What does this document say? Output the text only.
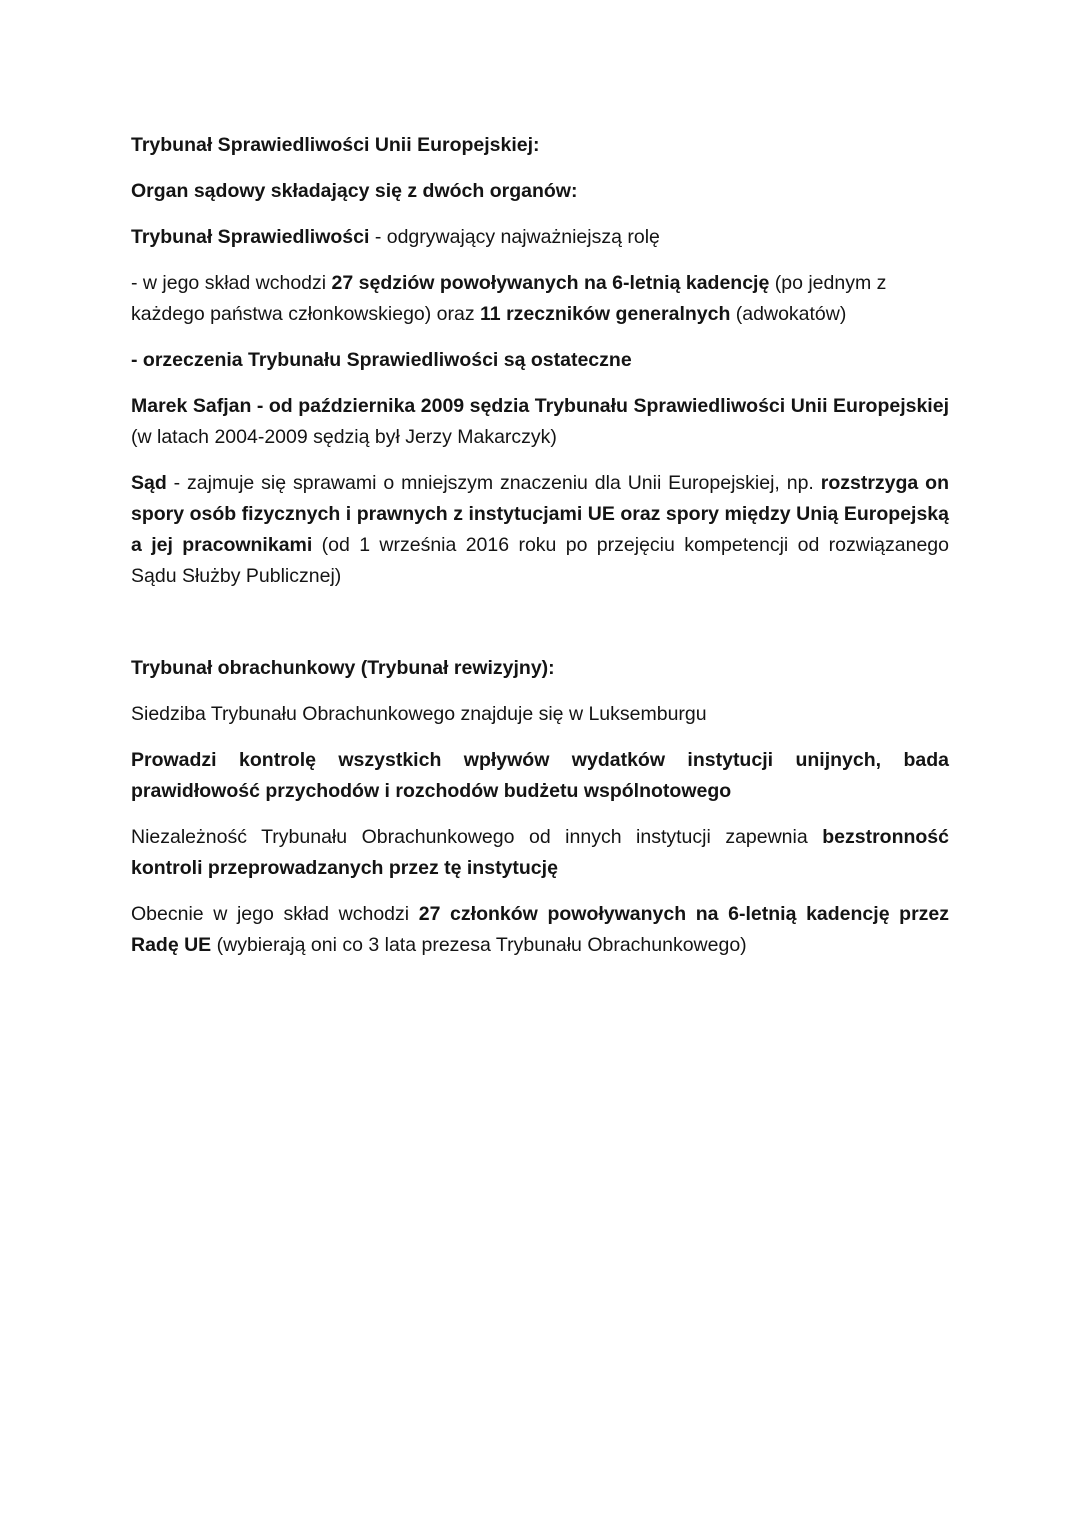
Trybunał Sprawiedliwości Unii Europejskiej:

Organ sądowy składający się z dwóch organów:

Trybunał Sprawiedliwości - odgrywający najważniejszą rolę

- w jego skład wchodzi 27 sędziów powoływanych na 6-letnią kadencję (po jednym z każdego państwa członkowskiego) oraz 11 rzeczników generalnych (adwokatów)

- orzeczenia Trybunału Sprawiedliwości są ostateczne

Marek Safjan - od października 2009 sędzia Trybunału Sprawiedliwości Unii Europejskiej (w latach 2004-2009 sędzią był Jerzy Makarczyk)

Sąd - zajmuje się sprawami o mniejszym znaczeniu dla Unii Europejskiej, np. rozstrzyga on spory osób fizycznych i prawnych z instytucjami UE oraz spory między Unią Europejską a jej pracownikami (od 1 września 2016 roku po przejęciu kompetencji od rozwiązanego Sądu Służby Publicznej)

Trybunał obrachunkowy (Trybunał rewizyjny):

Siedziba Trybunału Obrachunkowego znajduje się w Luksemburgu

Prowadzi kontrolę wszystkich wpływów wydatków instytucji unijnych, bada prawidłowość przychodów i rozchodów budżetu wspólnotowego

Niezależność Trybunału Obrachunkowego od innych instytucji zapewnia bezstronność kontroli przeprowadzanych przez tę instytucję

Obecnie w jego skład wchodzi 27 członków powoływanych na 6-letnią kadencję przez Radę UE (wybierają oni co 3 lata prezesa Trybunału Obrachunkowego)
